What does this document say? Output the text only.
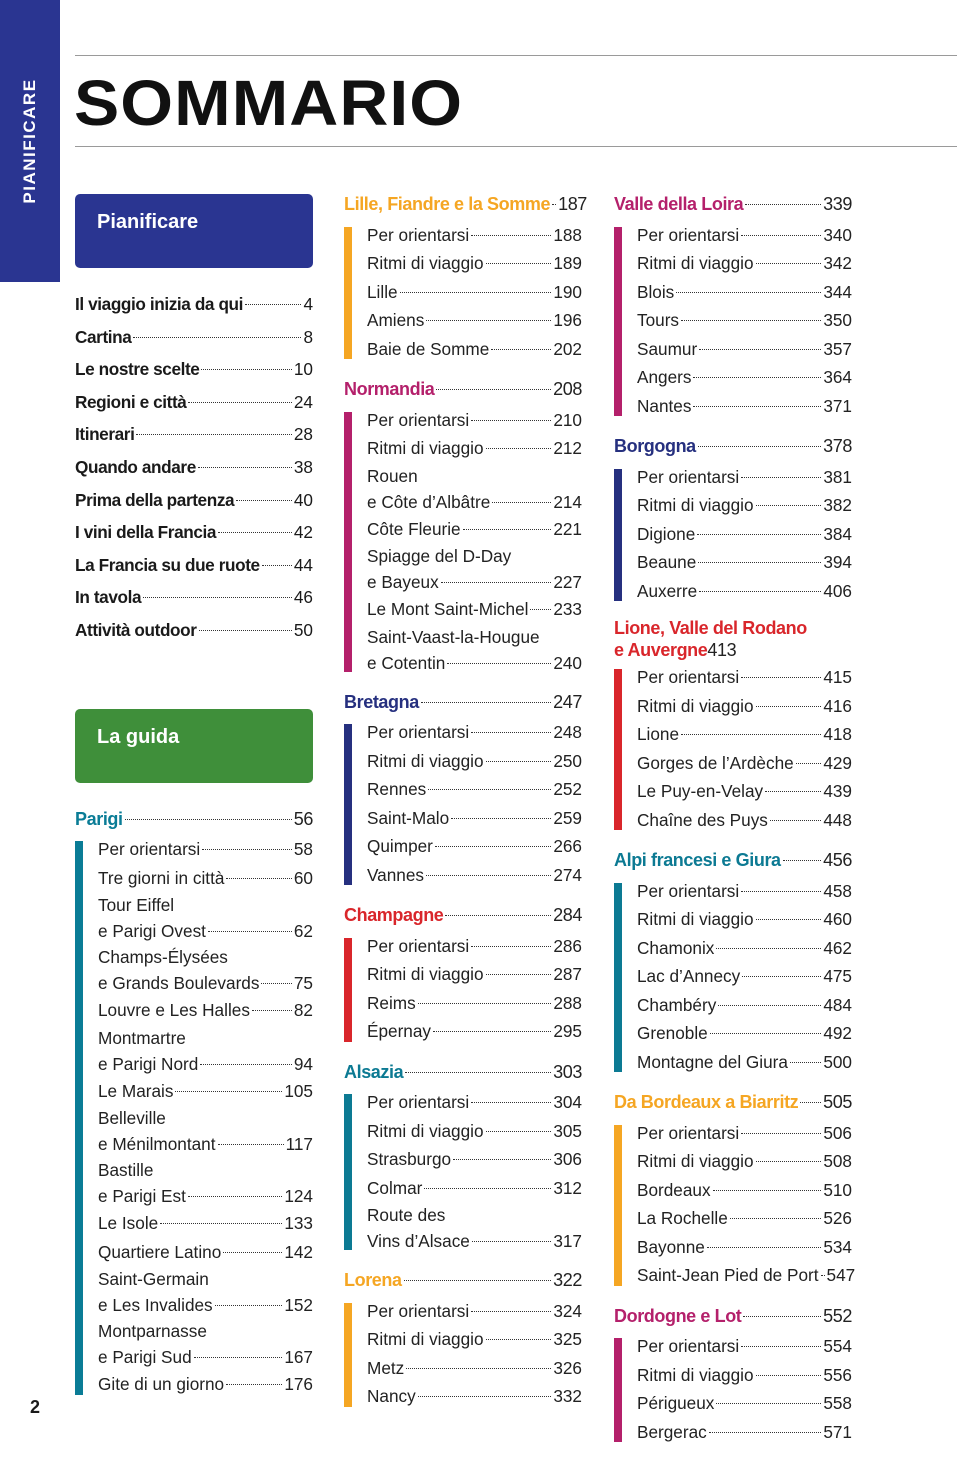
PIANIFICARE SOMMARIO
Pianificare
Il viaggio inizia da qui	4
Cartina	8
Le nostre scelte	10
Regioni e città	24
Itinerari	28
Quando andare	38
Prima della partenza	40
I vini della Francia	42
La Francia su due ruote 44
In tavola	46
Attività outdoor	50
La guida
Parigi	56
Per orientarsi	58
Tre giorni in città	60
Tour Eiffel
e Parigi Ovest	62
Champs-Élysées
e Grands Boulevards 75
Louvre e Les Halles	82
Montmartre
e Parigi Nord	94
Le Marais	105
Belleville
e Ménilmontant	117
Bastille
e Parigi Est	124
Le Isole	133
Quartiere Latino	142
Saint-Germain
e Les Invalides	152
Montparnasse
e Parigi Sud	167
Gite di un giorno	176
Lille, Fiandre e la Somme 187
Per orientarsi	188
Ritmi di viaggio	189
Lille	190
Amiens	196
Baie de Somme	202
Normandia	208
Per orientarsi	210
Ritmi di viaggio	212
Rouen
e Côte d’Albâtre	214
Côte Fleurie	221
Spiagge del D-Day
e Bayeux	227
Le Mont Saint-Michel 233
Saint-Vaast-la-Hougue
e Cotentin	240
Bretagna	247
Per orientarsi	248
Ritmi di viaggio	250
Rennes	252
Saint-Malo	259
Quimper	266
Vannes	274
Champagne	284
Per orientarsi	286
Ritmi di viaggio	287
Reims	288
Épernay	295
Alsazia	303
Per orientarsi	304
Ritmi di viaggio	305
Strasburgo	306
Colmar	312
Route des
Vins d’Alsace	317
Lorena	322
Per orientarsi	324
Ritmi di viaggio	325
Metz	326
Nancy	332
Valle della Loira	339
Per orientarsi	340
Ritmi di viaggio	342
Blois	344
Tours	350
Saumur	357
Angers	364
Nantes	371
Borgogna	378
Per orientarsi	381
Ritmi di viaggio	382
Digione	384
Beaune	394
Auxerre	406
Lione, Valle del Rodano
e Auvergne 413
Per orientarsi	415
Ritmi di viaggio	416
Lione	418
Gorges de l’Ardèche 429
Le Puy-en-Velay	439
Chaîne des Puys	448
Alpi francesi e Giura 456
Per orientarsi	458
Ritmi di viaggio	460
Chamonix	462
Lac d’Annecy	475
Chambéry	484
Grenoble	492
Montagne del Giura 500
Da Bordeaux a Biarritz 505
Per orientarsi	506
Ritmi di viaggio	508
Bordeaux	510
La Rochelle	526
Bayonne	534
Saint-Jean Pied de Port 547
Dordogne e Lot	552
Per orientarsi	554
Ritmi di viaggio	556
Périgueux	558
Bergerac	571
2
